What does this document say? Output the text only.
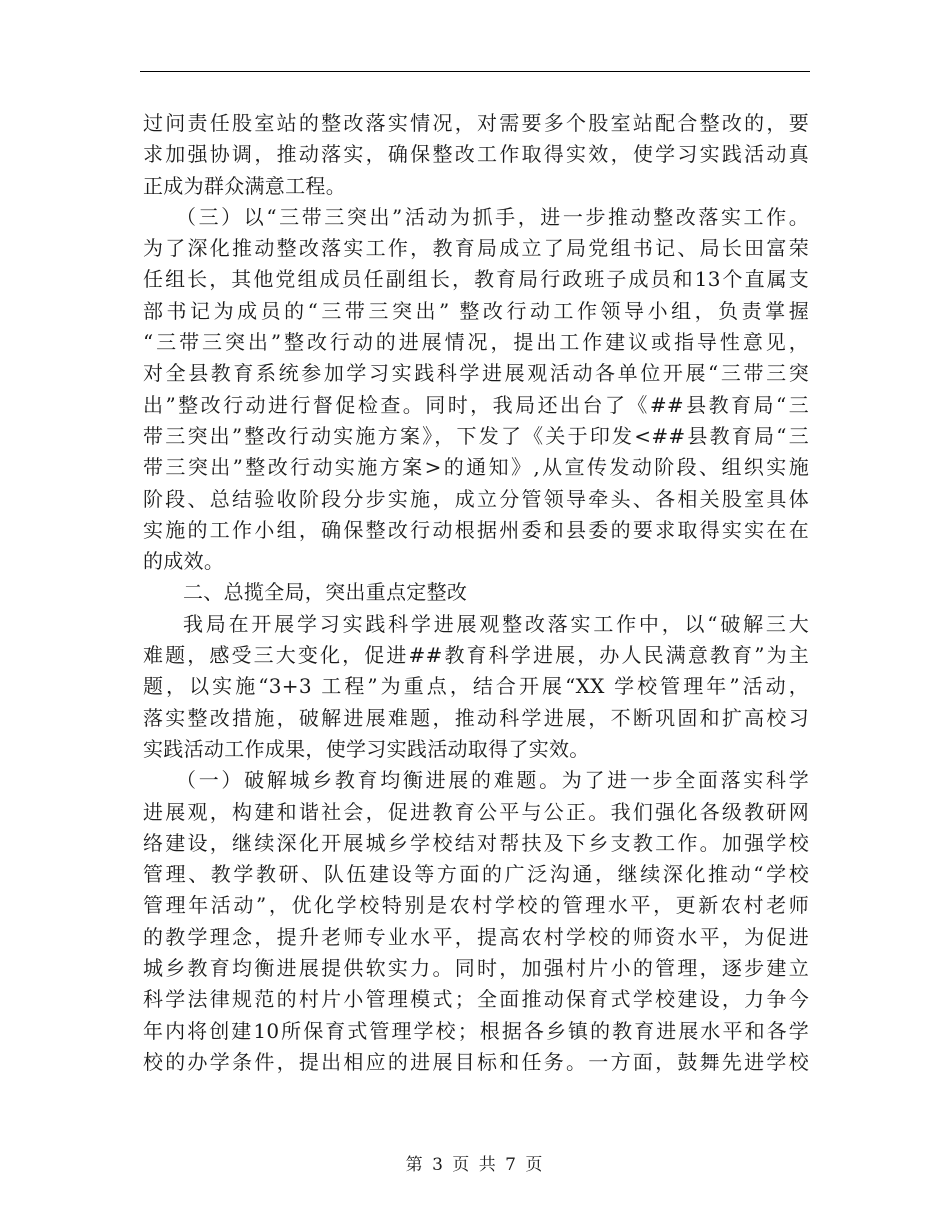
过问责任股室站的整改落实情况，对需要多个股室站配合整改的，要
求加强协调，推动落实，确保整改工作取得实效，使学习实践活动真
正成为群众满意工程。
（三）以“三带三突出”活动为抓手，进一步推动整改落实工作。
为了深化推动整改落实工作，教育局成立了局党组书记、局长田富荣
任组长，其他党组成员任副组长，教育局行政班子成员和13个直属支
部书记为成员的“三带三突出” 整改行动工作领导小组，负责掌握
“三带三突出”整改行动的进展情况，提出工作建议或指导性意见，
对全县教育系统参加学习实践科学进展观活动各单位开展“三带三突
出”整改行动进行督促检查。同时，我局还出台了《##县教育局“三
带三突出”整改行动实施方案》，下发了《关于印发<##县教育局“三
带三突出”整改行动实施方案>的通知》,从宣传发动阶段、组织实施
阶段、总结验收阶段分步实施，成立分管领导牵头、各相关股室具体
实施的工作小组，确保整改行动根据州委和县委的要求取得实实在在
的成效。
二、总揽全局，突出重点定整改
我局在开展学习实践科学进展观整改落实工作中，以“破解三大
难题，感受三大变化，促进##教育科学进展，办人民满意教育”为主
题，以实施“3+3 工程”为重点，结合开展“XX 学校管理年”活动，
落实整改措施，破解进展难题，推动科学进展，不断巩固和扩高校习
实践活动工作成果，使学习实践活动取得了实效。
（一）破解城乡教育均衡进展的难题。为了进一步全面落实科学
进展观，构建和谐社会，促进教育公平与公正。我们强化各级教研网
络建设，继续深化开展城乡学校结对帮扶及下乡支教工作。加强学校
管理、教学教研、队伍建设等方面的广泛沟通，继续深化推动“学校
管理年活动”，优化学校特别是农村学校的管理水平，更新农村老师
的教学理念，提升老师专业水平，提高农村学校的师资水平，为促进
城乡教育均衡进展提供软实力。同时，加强村片小的管理，逐步建立
科学法律规范的村片小管理模式；全面推动保育式学校建设，力争今
年内将创建10所保育式管理学校；根据各乡镇的教育进展水平和各学
校的办学条件，提出相应的进展目标和任务。一方面，鼓舞先进学校
第 3 页 共 7 页
